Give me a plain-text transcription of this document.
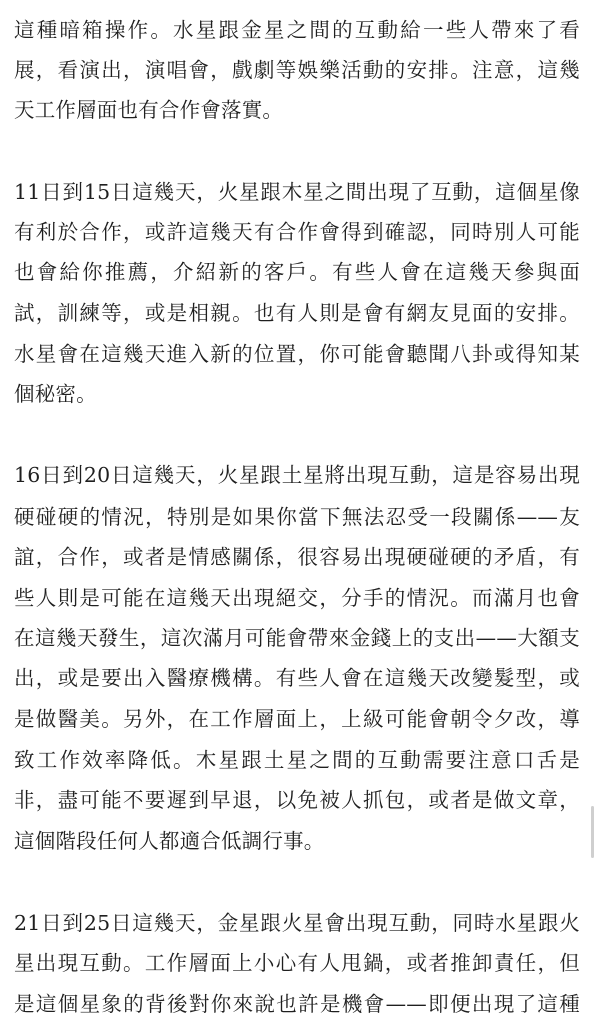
這種暗箱操作。水星跟金星之間的互動給一些人帶來了看
展，看演出，演唱會，戲劇等娛樂活動的安排。注意，這幾
天工作層面也有合作會落實。
11日到15日這幾天，火星跟木星之間出現了互動，這個星像
有利於合作，或許這幾天有合作會得到確認，同時別人可能
也會給你推薦，介紹新的客戶。有些人會在這幾天參與面
試，訓練等，或是相親。也有人則是會有網友見面的安排。
水星會在這幾天進入新的位置，你可能會聽聞八卦或得知某
個秘密。
16日到20日這幾天，火星跟土星將出現互動，這是容易出現
硬碰硬的情況，特別是如果你當下無法忍受一段關係——友
誼，合作，或者是情感關係，很容易出現硬碰硬的矛盾，有
些人則是可能在這幾天出現絕交，分手的情況。而滿月也會
在這幾天發生，這次滿月可能會帶來金錢上的支出——大額支
出，或是要出入醫療機構。有些人會在這幾天改變髮型，或
是做醫美。另外，在工作層面上，上級可能會朝令夕改，導
致工作效率降低。木星跟土星之間的互動需要注意口舌是
非，盡可能不要遲到早退，以免被人抓包，或者是做文章，
這個階段任何人都適合低調行事。
21日到25日這幾天，金星跟火星會出現互動，同時水星跟火
星出現互動。工作層面上小心有人甩鍋，或者推卸責任，但
是這個星象的背後對你來說也許是機會——即便出現了這種
